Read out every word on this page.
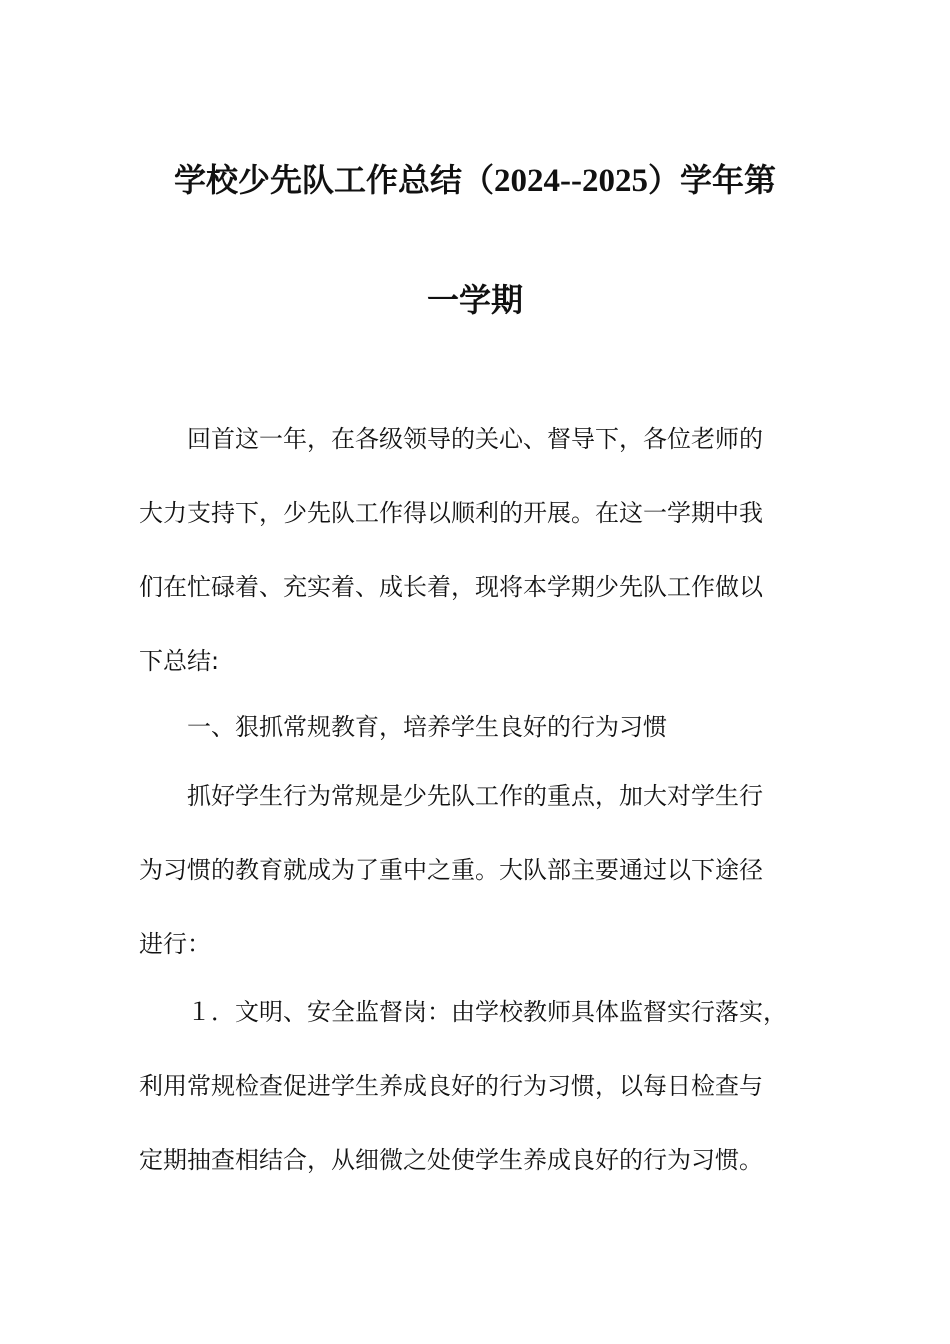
学校少先队工作总结（2024--2025）学年第
一学期
　　回首这一年，在各级领导的关心、督导下，各位老师的
大力支持下，少先队工作得以顺利的开展。在这一学期中我
们在忙碌着、充实着、成长着，现将本学期少先队工作做以
下总结:
　　一、狠抓常规教育，培养学生良好的行为习惯
　　抓好学生行为常规是少先队工作的重点，加大对学生行
为习惯的教育就成为了重中之重。大队部主要通过以下途径
进行：
　　１．文明、安全监督岗：由学校教师具体监督实行落实，
利用常规检查促进学生养成良好的行为习惯，以每日检查与
定期抽查相结合，从细微之处使学生养成良好的行为习惯。
